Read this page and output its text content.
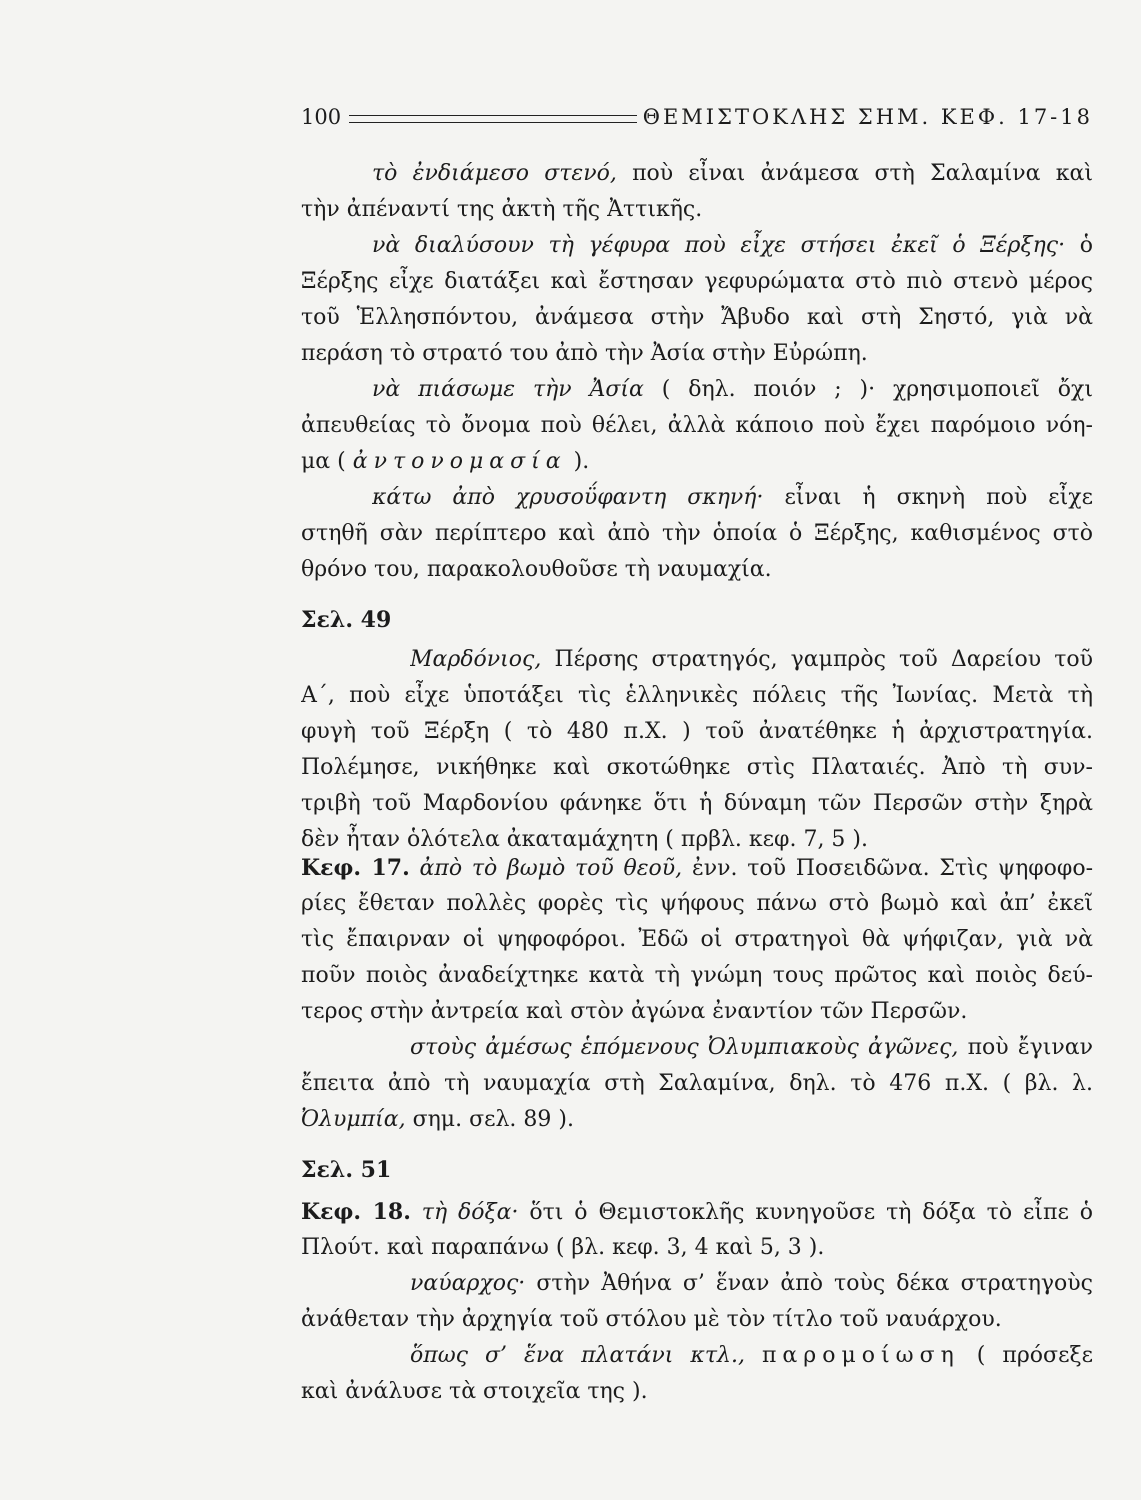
100	ΘΕΜΙΣΤΟΚΛΗΣ ΣΗΜ. ΚΕΦ. 17-18
τὸ ἐνδιάμεσο στενό, ποὺ εἶναι ἀνάμεσα στὴ Σαλαμίνα καὶ
τὴν ἀπέναντί της ἀκτὴ τῆς Ἀττικῆς.
νὰ διαλύσουν τὴ γέφυρα ποὺ εἶχε στήσει ἐκεῖ ὁ Ξέρξης· ὁ
Ξέρξης εἶχε διατάξει καὶ ἔστησαν γεφυρώματα στὸ πιὸ στενὸ μέρος
τοῦ Ἑλλησπόντου, ἀνάμεσα στὴν Ἄβυδο καὶ στὴ Σηστό, γιὰ νὰ
περάση τὸ στρατό του ἀπὸ τὴν Ἀσία στὴν Εὐρώπη.
νὰ πιάσωμε τὴν Ἀσία ( δηλ. ποιόν ; )· χρησιμοποιεῖ ὄχι
ἀπευθείας τὸ ὄνομα ποὺ θέλει, ἀλλὰ κάποιο ποὺ ἔχει παρόμοιο νόη-
μα ( ἀντονομασία ).
κάτω ἀπὸ χρυσοΰφαντη σκηνή· εἶναι ἡ σκηνὴ ποὺ εἶχε
στηθῆ σὰν περίπτερο καὶ ἀπὸ τὴν ὁποία ὁ Ξέρξης, καθισμένος στὸ
θρόνο του, παρακολουθοῦσε τὴ ναυμαχία.
Σελ. 49
Μαρδόνιος, Πέρσης στρατηγός, γαμπρὸς τοῦ Δαρείου τοῦ
Α΄, ποὺ εἶχε ὑποτάξει τὶς ἑλληνικὲς πόλεις τῆς Ἰωνίας. Μετὰ τὴ
φυγὴ τοῦ Ξέρξη ( τὸ 480 π.Χ. ) τοῦ ἀνατέθηκε ἡ ἀρχιστρατηγία.
Πολέμησε, νικήθηκε καὶ σκοτώθηκε στὶς Πλαταιές. Ἀπὸ τὴ συν-
τριβὴ τοῦ Μαρδονίου φάνηκε ὅτι ἡ δύναμη τῶν Περσῶν στὴν ξηρὰ
δὲν ἦταν ὁλότελα ἀκαταμάχητη ( πρβλ. κεφ. 7, 5 ).
Κεφ. 17. ἀπὸ τὸ βωμὸ τοῦ θεοῦ, ἐνν. τοῦ Ποσειδῶνα. Στὶς ψηφοφο-
ρίες ἔθεταν πολλὲς φορὲς τὶς ψήφους πάνω στὸ βωμὸ καὶ ἀπ’ ἐκεῖ
τὶς ἔπαιρναν οἱ ψηφοφόροι. Ἐδῶ οἱ στρατηγοὶ θὰ ψήφιζαν, γιὰ νὰ
ποῦν ποιὸς ἀναδείχτηκε κατὰ τὴ γνώμη τους πρῶτος καὶ ποιὸς δεύ-
τερος στὴν ἀντρεία καὶ στὸν ἀγώνα ἐναντίον τῶν Περσῶν.
στοὺς ἀμέσως ἑπόμενους Ὀλυμπιακοὺς ἀγῶνες, ποὺ ἔγιναν
ἔπειτα ἀπὸ τὴ ναυμαχία στὴ Σαλαμίνα, δηλ. τὸ 476 π.Χ. ( βλ. λ.
Ὀλυμπία, σημ. σελ. 89 ).
Σελ. 51
Κεφ. 18. τὴ δόξα· ὅτι ὁ Θεμιστοκλῆς κυνηγοῦσε τὴ δόξα τὸ εἶπε ὁ
Πλούτ. καὶ παραπάνω ( βλ. κεφ. 3, 4 καὶ 5, 3 ).
ναύαρχος· στὴν Ἀθήνα σ’ ἕναν ἀπὸ τοὺς δέκα στρατηγοὺς
ἀνάθεταν τὴν ἀρχηγία τοῦ στόλου μὲ τὸν τίτλο τοῦ ναυάρχου.
ὅπως σ’ ἕνα πλατάνι κτλ., παρομοίωση ( πρόσεξε
καὶ ἀνάλυσε τὰ στοιχεῖα της ).
